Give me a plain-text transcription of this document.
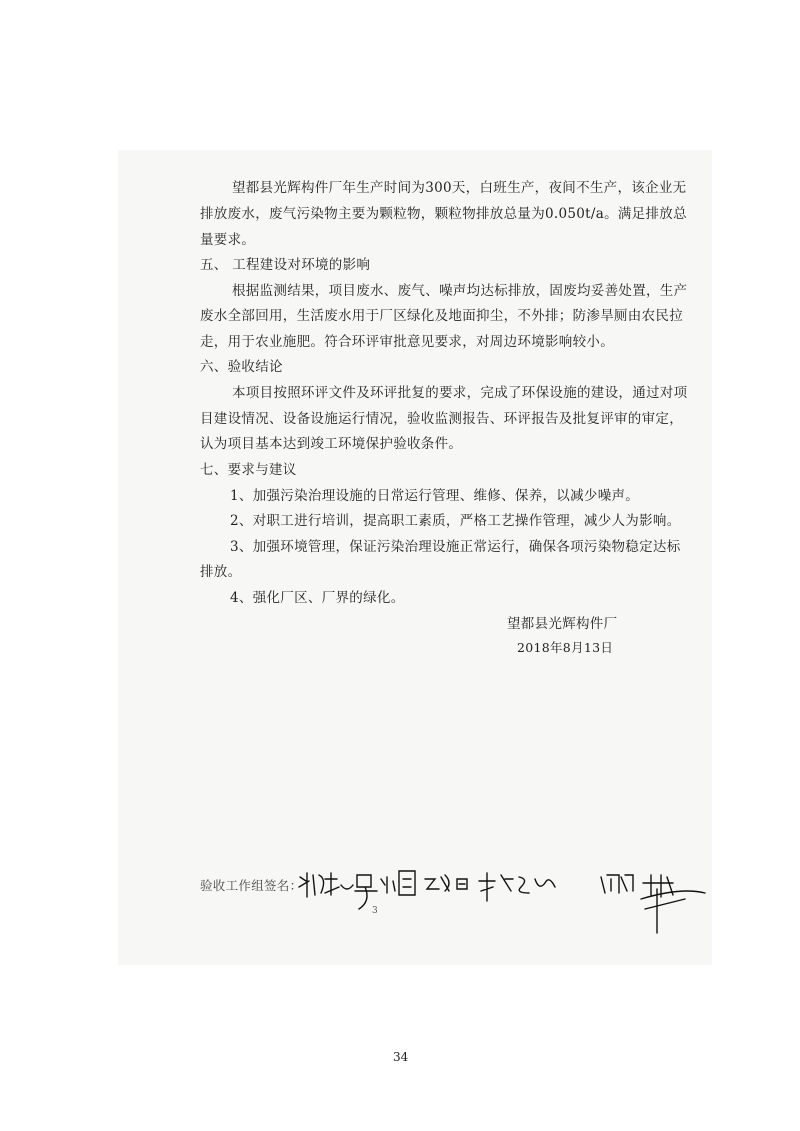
望都县光辉构件厂年生产时间为300天，白班生产，夜间不生产，该企业无
排放废水，废气污染物主要为颗粒物，颗粒物排放总量为0.050t/a。满足排放总
量要求。
五、 工程建设对环境的影响
根据监测结果，项目废水、废气、噪声均达标排放，固废均妥善处置，生产
废水全部回用，生活废水用于厂区绿化及地面抑尘，不外排；防渗旱厕由农民拉
走，用于农业施肥。符合环评审批意见要求，对周边环境影响较小。
六、验收结论
本项目按照环评文件及环评批复的要求，完成了环保设施的建设，通过对项
目建设情况、设备设施运行情况，验收监测报告、环评报告及批复评审的审定，
认为项目基本达到竣工环境保护验收条件。
七、要求与建议
1、加强污染治理设施的日常运行管理、维修、保养，以减少噪声。
2、对职工进行培训，提高职工素质，严格工艺操作管理，减少人为影响。
3、加强环境管理，保证污染治理设施正常运行，确保各项污染物稳定达标
排放。
4、强化厂区、厂界的绿化。
望都县光辉构件厂
2018年8月13日
验收工作组签名：
3
34
